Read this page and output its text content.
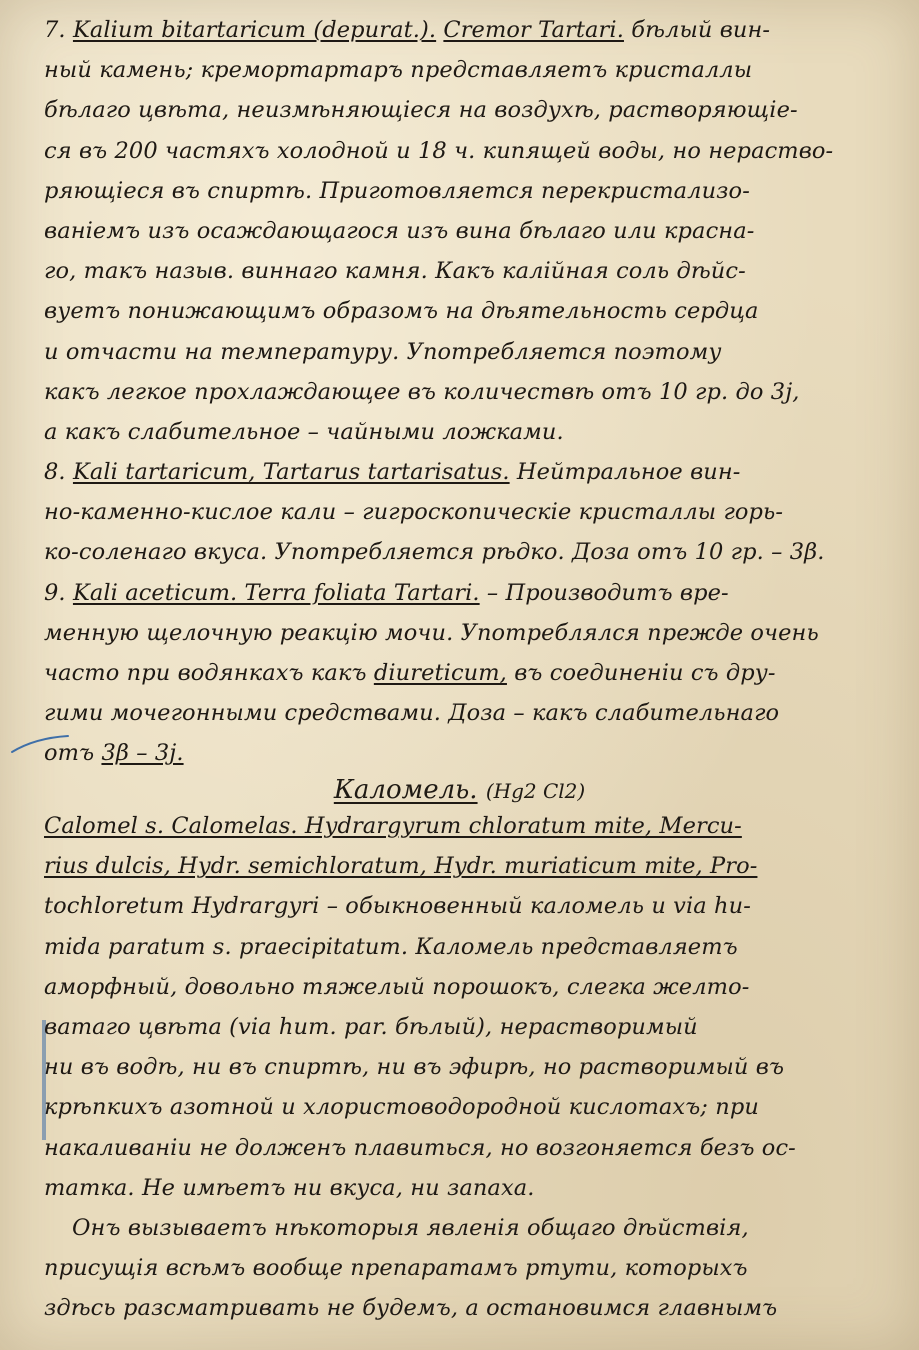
7. Kalium bitartaricum (depurat.). Cremor Tartari. бѣлый вин-
ный камень; кремортартаръ представляетъ кристаллы
бѣлаго цвѣта, неизмѣняющіеся на воздухѣ, растворяющіе-
ся въ 200 частяхъ холодной и 18 ч. кипящей воды, но нераство-
ряющіеся въ спиртѣ. Приготовляется перекристализо-
ваніемъ изъ осаждающагося изъ вина бѣлаго или красна-
го, такъ назыв. виннаго камня. Какъ калійная соль дѣйс-
вуетъ понижающимъ образомъ на дѣятельность сердца
и отчасти на температуру. Употребляется поэтому
какъ легкое прохлаждающее въ количествѣ отъ 10 гр. до 3j,
а какъ слабительное – чайными ложками.
8. Kali tartaricum, Tartarus tartarisatus. Нейтральное вин-
но-каменно-кислое кали – гигроскопическіе кристаллы горь-
ко-соленаго вкуса. Употребляется рѣдко. Доза отъ 10 гр. – 3β.
9. Kali aceticum. Terra foliata Tartari. – Производитъ вре-
менную щелочную реакцію мочи. Употреблялся прежде очень
часто при водянкахъ какъ diureticum, въ соединеніи съ дру-
гими мочегонными средствами. Доза – какъ слабительнаго
отъ 3β – 3j.
Каломель. (Hg2 Cl2)
Calomel s. Calomelas. Hydrargyrum chloratum mite, Mercu-
rius dulcis, Hydr. semichloratum, Hydr. muriaticum mite, Pro-
tochloretum Hydrargyri – обыкновенный каломель и via hu-
mida paratum s. praecipitatum. Каломель представляетъ
аморфный, довольно тяжелый порошокъ, слегка желто-
ватаго цвѣта (via hum. par. бѣлый), нерастворимый
ни въ водѣ, ни въ спиртѣ, ни въ эфирѣ, но растворимый въ
крѣпкихъ азотной и хлористоводородной кислотахъ; при
накаливаніи не долженъ плавиться, но возгоняется безъ ос-
татка. Не имѣетъ ни вкуса, ни запаха.
Онъ вызываетъ нѣкоторыя явленія общаго дѣйствія,
присущія всѣмъ вообще препаратамъ ртути, которыхъ
здѣсь разсматривать не будемъ, а остановимся главнымъ
